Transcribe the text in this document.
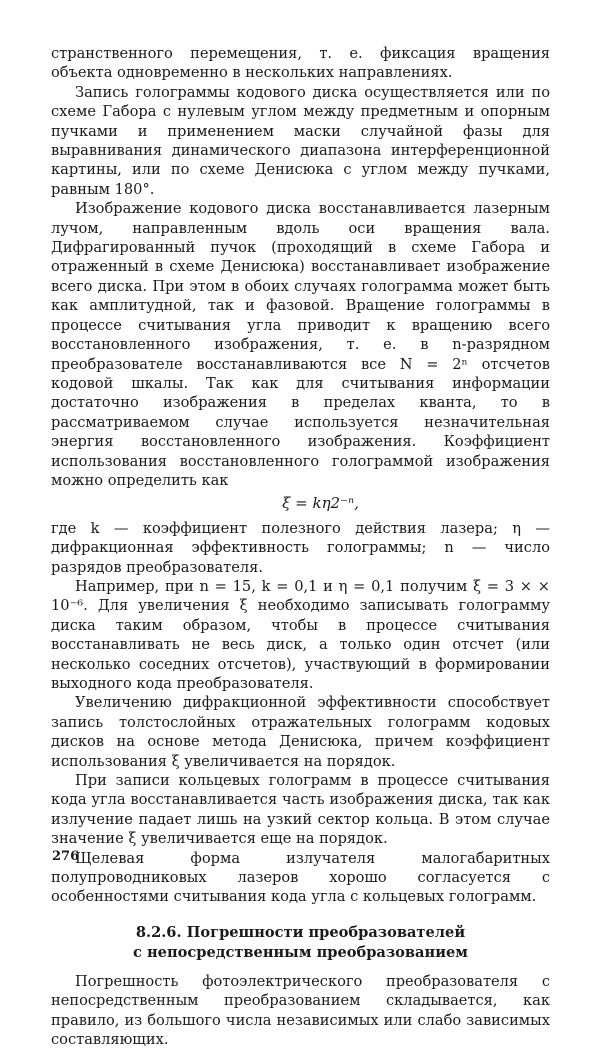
странственного перемещения, т. е. фиксация вращения объекта одновременно в нескольких направлениях.

Запись голограммы кодового диска осуществляется или по схеме Габора с нулевым углом между предметным и опорным пучками и применением маски случайной фазы для выравнивания динамического диапазона интерференционной картины, или по схеме Денисюка с углом между пучками, равным 180°.

Изображение кодового диска восстанавливается лазерным лучом, направленным вдоль оси вращения вала. Дифрагированный пучок (проходящий в схеме Габора и отраженный в схеме Денисюка) восстанавливает изображение всего диска. При этом в обоих случаях голограмма может быть как амплитудной, так и фазовой. Вращение голограммы в процессе считывания угла приводит к вращению всего восстановленного изображения, т. е. в n-разрядном преобразователе восстанавливаются все N = 2ⁿ отсчетов кодовой шкалы. Так как для считывания информации достаточно изображения в пределах кванта, то в рассматриваемом случае используется незначительная энергия восстановленного изображения. Коэффициент использования восстановленного голограммой изображения можно определить как

ξ = kη2⁻ⁿ,

где k — коэффициент полезного действия лазера; η — дифракционная эффективность голограммы; n — число разрядов преобразователя.

Например, при n = 15, k = 0,1 и η = 0,1 получим ξ = 3 × × 10⁻⁶. Для увеличения ξ необходимо записывать голограмму диска таким образом, чтобы в процессе считывания восстанавливать не весь диск, а только один отсчет (или несколько соседних отсчетов), участвующий в формировании выходного кода преобразователя.

Увеличению дифракционной эффективности способствует запись толстослойных отражательных голограмм кодовых дисков на основе метода Денисюка, причем коэффициент использования ξ увеличивается на порядок.

При записи кольцевых голограмм в процессе считывания кода угла восстанавливается часть изображения диска, так как излучение падает лишь на узкий сектор кольца. В этом случае значение ξ увеличивается еще на порядок.

Щелевая форма излучателя малогабаритных полупроводниковых лазеров хорошо согласуется с особенностями считывания кода угла с кольцевых голограмм.

8.2.6. Погрешности преобразователей
с непосредственным преобразованием

Погрешность фотоэлектрического преобразователя с непосредственным преобразованием складывается, как правило, из большого числа независимых или слабо зависимых составляющих.

276
